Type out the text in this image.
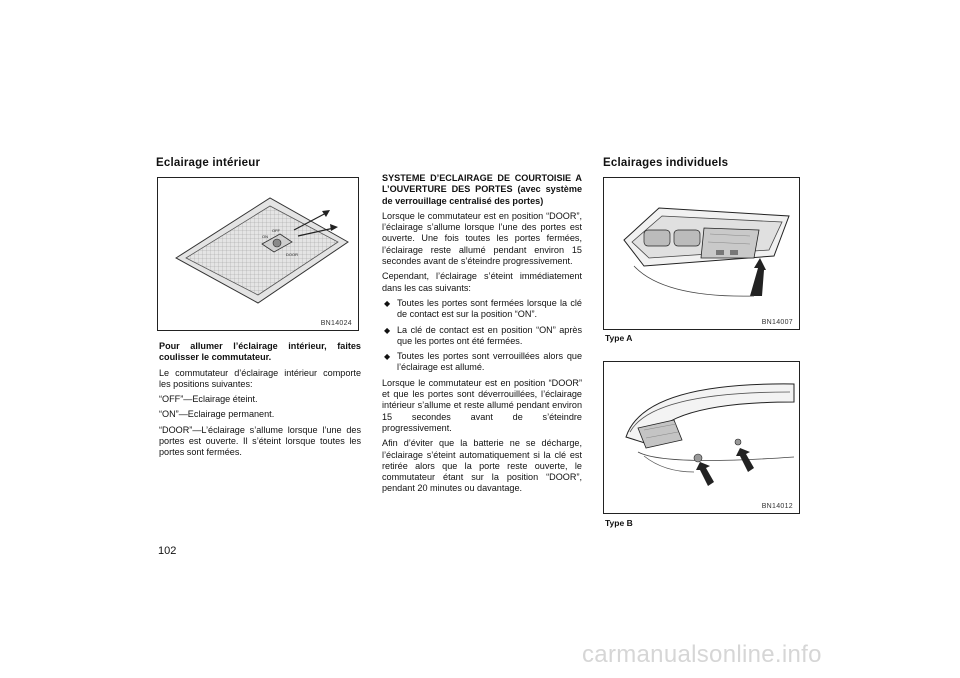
Eclairage intérieur
ON
OFF
DOOR
BN14024

Pour allumer l’éclairage intérieur, faites coulisser le commutateur.

Le commutateur d’éclairage intérieur comporte les positions suivantes:

“OFF”—Eclairage éteint.

“ON”—Eclairage permanent.

“DOOR”—L’éclairage s’allume lorsque l’une des portes est ouverte. Il s’éteint lorsque toutes les portes sont fermées.

SYSTEME D’ECLAIRAGE DE COURTOISIE A L’OUVERTURE DES PORTES (avec système de verrouillage centralisé des portes)

Lorsque le commutateur est en position “DOOR”, l’éclairage s’allume lorsque l’une des portes est ouverte. Une fois toutes les portes fermées, l’éclairage reste allumé pendant environ 15 secondes avant de s’éteindre progressivement.

Cependant, l’éclairage s’éteint immédiatement dans les cas suivants:

◆ Toutes les portes sont fermées lorsque la clé de contact est sur la position “ON”.
◆ La clé de contact est en position “ON” après que les portes ont été fermées.
◆ Toutes les portes sont verrouillées alors que l’éclairage est allumé.

Lorsque le commutateur est en position “DOOR” et que les portes sont déverrouillées, l’éclairage intérieur s’allume et reste allumé pendant environ 15 secondes avant de s’éteindre progressivement.

Afin d’éviter que la batterie ne se décharge, l’éclairage s’éteint automatiquement si la clé est retirée alors que la porte reste ouverte, le commutateur étant sur la position “DOOR”, pendant 20 minutes ou davantage.

Eclairages individuels
BN14007
Type A
BN14012
Type B
102
carmanualsonline.info
